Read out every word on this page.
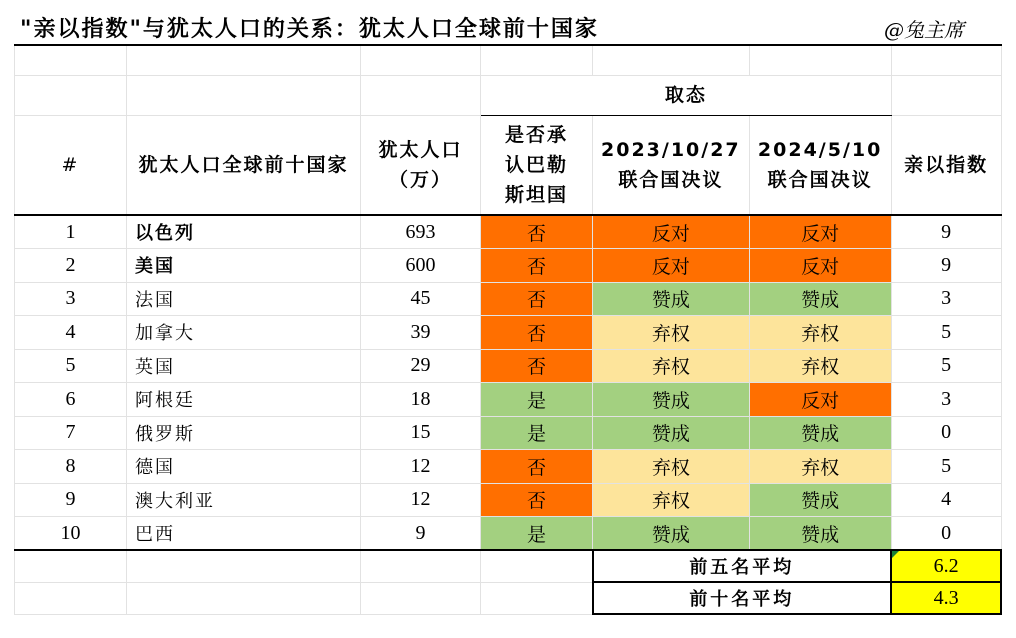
"亲以指数"与犹太人口的关系：犹太人口全球前十国家	@兔主席

			取态			
#	犹太人口全球前十国家	犹太人口（万）	是否承认巴勒斯坦国	2023/10/27联合国决议	2024/5/10联合国决议	亲以指数
1	以色列	693	否	反对	反对	9
2	美国	600	否	反对	反对	9
3	法国	45	否	赞成	赞成	3
4	加拿大	39	否	弃权	弃权	5
5	英国	29	否	弃权	弃权	5
6	阿根廷	18	是	赞成	反对	3
7	俄罗斯	15	是	赞成	赞成	0
8	德国	12	否	弃权	弃权	5
9	澳大利亚	12	否	弃权	赞成	4
10	巴西	9	是	赞成	赞成	0
				前五名平均		6.2
				前十名平均		4.3
